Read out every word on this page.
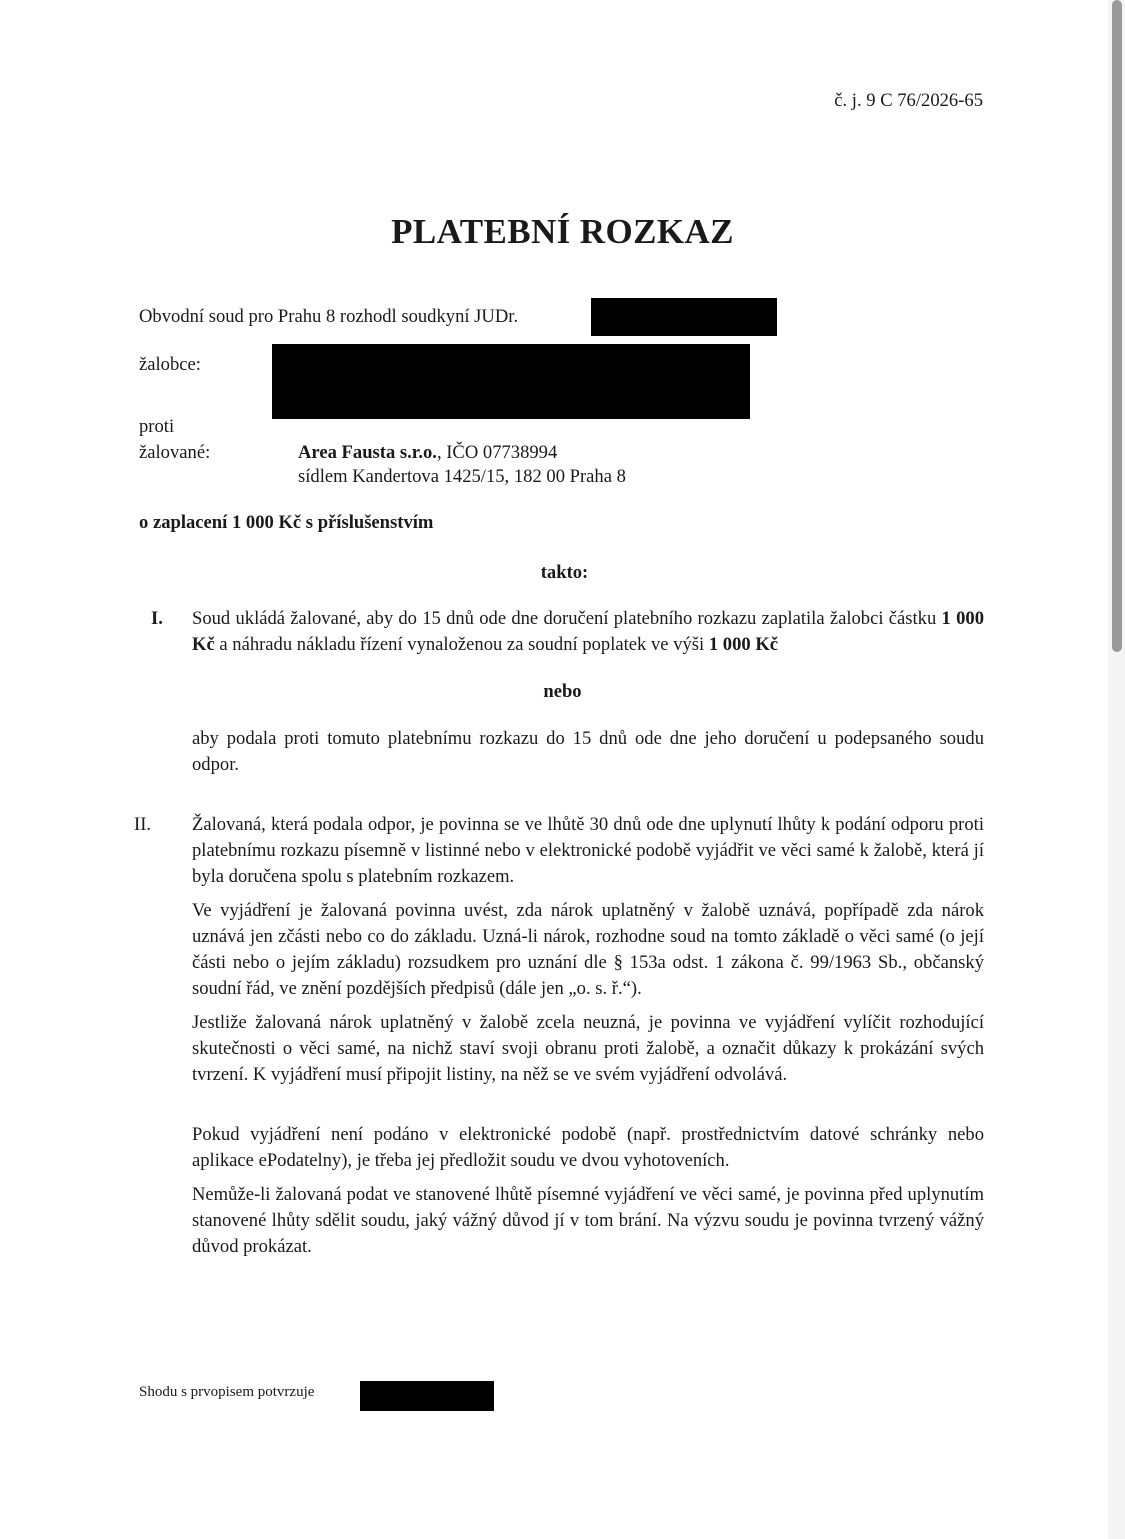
č. j. 9 C 76/2026-65
PLATEBNÍ ROZKAZ
Obvodní soud pro Prahu 8 rozhodl soudkyní JUDr.
žalobce:
proti
žalované:	Area Fausta s.r.o., IČO 07738994
sídlem Kandertova 1425/15, 182 00 Praha 8
o zaplacení 1 000 Kč s příslušenstvím
takto:
I. Soud ukládá žalované, aby do 15 dnů ode dne doručení platebního rozkazu zaplatila žalobci částku 1 000 Kč a náhradu nákladu řízení vynaloženou za soudní poplatek ve výši 1 000 Kč
nebo
aby podala proti tomuto platebnímu rozkazu do 15 dnů ode dne jeho doručení u podepsaného soudu odpor.
II. Žalovaná, která podala odpor, je povinna se ve lhůtě 30 dnů ode dne uplynutí lhůty k podání odporu proti platebnímu rozkazu písemně v listinné nebo v elektronické podobě vyjádřit ve věci samé k žalobě, která jí byla doručena spolu s platebním rozkazem.
Ve vyjádření je žalovaná povinna uvést, zda nárok uplatněný v žalobě uznává, popřípadě zda nárok uznává jen zčásti nebo co do základu. Uzná-li nárok, rozhodne soud na tomto základě o věci samé (o její části nebo o jejím základu) rozsudkem pro uznání dle § 153a odst. 1 zákona č. 99/1963 Sb., občanský soudní řád, ve znění pozdějších předpisů (dále jen „o. s. ř.“).
Jestliže žalovaná nárok uplatněný v žalobě zcela neuzná, je povinna ve vyjádření vylíčit rozhodující skutečnosti o věci samé, na nichž staví svoji obranu proti žalobě, a označit důkazy k prokázání svých tvrzení. K vyjádření musí připojit listiny, na něž se ve svém vyjádření odvolává.
Pokud vyjádření není podáno v elektronické podobě (např. prostřednictvím datové schránky nebo aplikace ePodatelny), je třeba jej předložit soudu ve dvou vyhotoveních.
Nemůže-li žalovaná podat ve stanovené lhůtě písemné vyjádření ve věci samé, je povinna před uplynutím stanovené lhůty sdělit soudu, jaký vážný důvod jí v tom brání. Na výzvu soudu je povinna tvrzený vážný důvod prokázat.
Shodu s prvopisem potvrzuje
